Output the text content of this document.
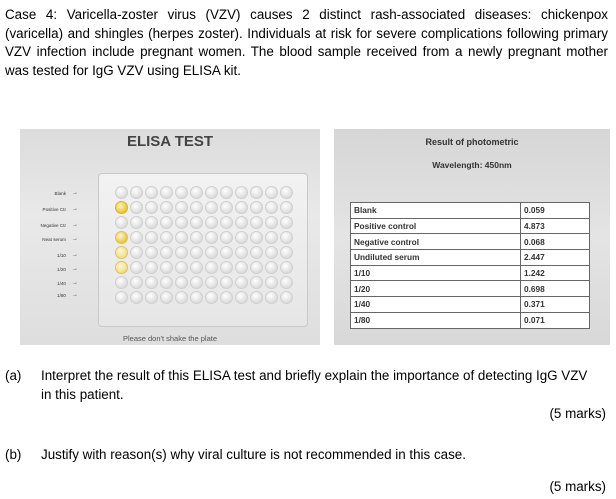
Case 4: Varicella-zoster virus (VZV) causes 2 distinct rash-associated diseases: chickenpox (varicella) and shingles (herpes zoster). Individuals at risk for severe complications following primary VZV infection include pregnant women. The blood sample received from a newly pregnant mother was tested for IgG VZV using ELISA kit.

ELISA TEST
Blank →
Positive Ctr →
Negative Ctr →
Neat serum →
1/10 →
1/20 →
1/40 →
1/80 →
Please don't shake the plate
Result of photometric
Wavelength: 450nm
Blank	0.059
Positive control	4.873
Negative control	0.068
Undiluted serum	2.447
1/10	1.242
1/20	0.698
1/40	0.371
1/80	0.071
(a) Interpret the result of this ELISA test and briefly explain the importance of detecting IgG VZV in this patient.
(5 marks)
(b) Justify with reason(s) why viral culture is not recommended in this case.
(5 marks)
